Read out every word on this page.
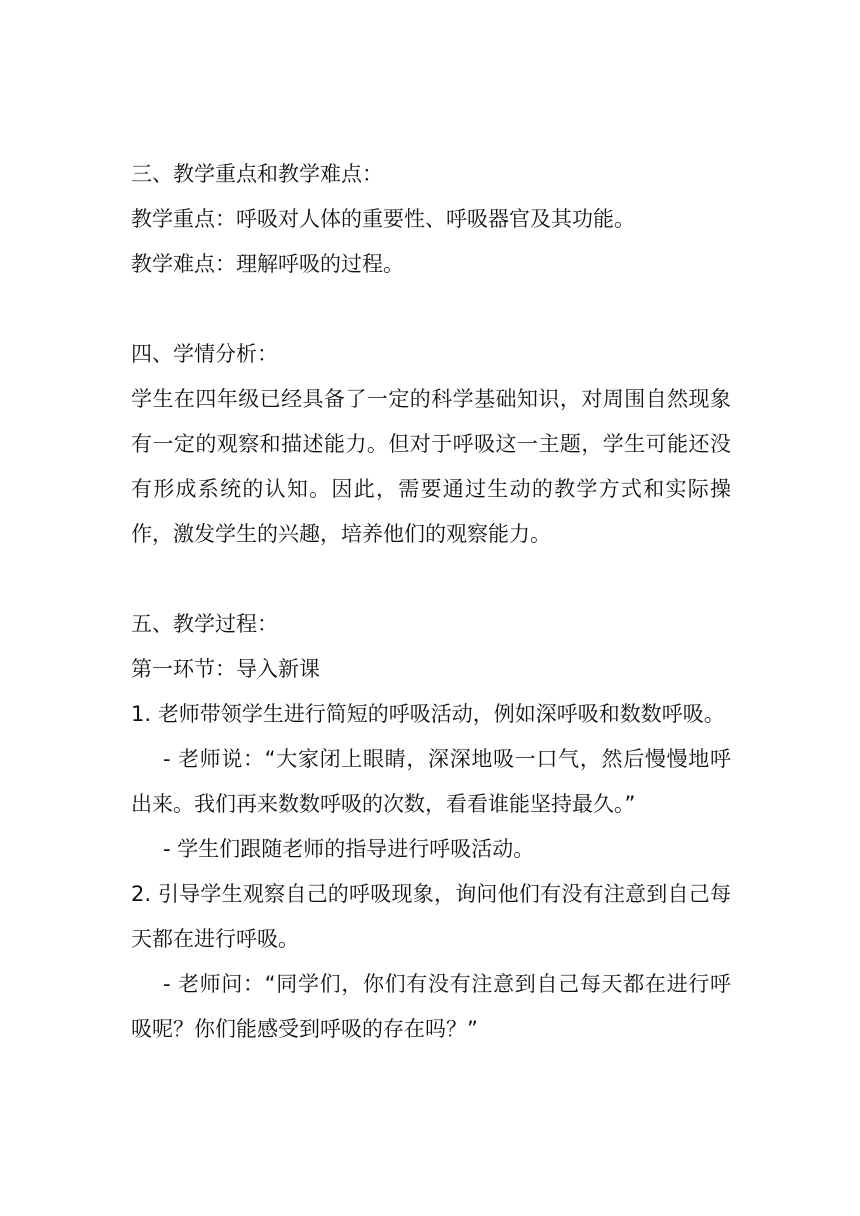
三、教学重点和教学难点：

教学重点：呼吸对人体的重要性、呼吸器官及其功能。

教学难点：理解呼吸的过程。

四、学情分析：

学生在四年级已经具备了一定的科学基础知识，对周围自然现象有一定的观察和描述能力。但对于呼吸这一主题，学生可能还没有形成系统的认知。因此，需要通过生动的教学方式和实际操作，激发学生的兴趣，培养他们的观察能力。

五、教学过程：

第一环节：导入新课

1. 老师带领学生进行简短的呼吸活动，例如深呼吸和数数呼吸。

- 老师说：“大家闭上眼睛，深深地吸一口气，然后慢慢地呼出来。我们再来数数呼吸的次数，看看谁能坚持最久。”

- 学生们跟随老师的指导进行呼吸活动。

2. 引导学生观察自己的呼吸现象，询问他们有没有注意到自己每天都在进行呼吸。

- 老师问：“同学们，你们有没有注意到自己每天都在进行呼吸呢？你们能感受到呼吸的存在吗？”
